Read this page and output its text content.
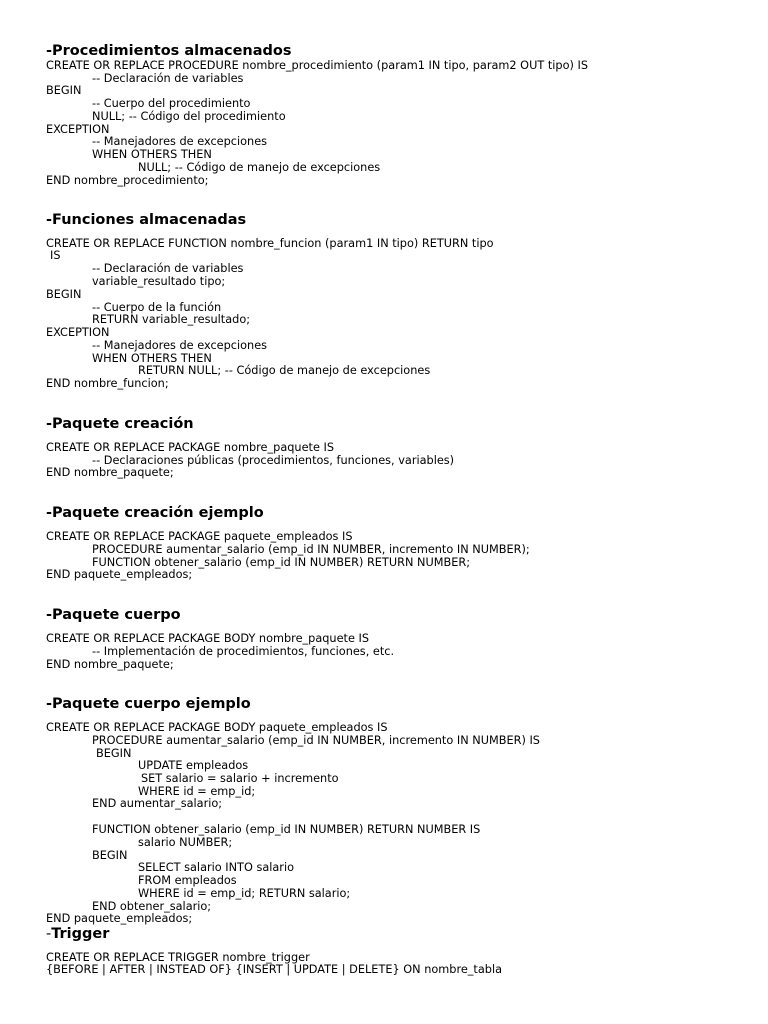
-Procedimientos almacenados
CREATE OR REPLACE PROCEDURE nombre_procedimiento (param1 IN tipo, param2 OUT tipo) IS
-- Declaración de variables
BEGIN
-- Cuerpo del procedimiento
NULL; -- Código del procedimiento
EXCEPTION
-- Manejadores de excepciones
WHEN OTHERS THEN
NULL; -- Código de manejo de excepciones
END nombre_procedimiento;
-Funciones almacenadas
CREATE OR REPLACE FUNCTION nombre_funcion (param1 IN tipo) RETURN tipo
IS
-- Declaración de variables
variable_resultado tipo;
BEGIN
-- Cuerpo de la función
RETURN variable_resultado;
EXCEPTION
-- Manejadores de excepciones
WHEN OTHERS THEN
RETURN NULL; -- Código de manejo de excepciones
END nombre_funcion;
-Paquete creación
CREATE OR REPLACE PACKAGE nombre_paquete IS
-- Declaraciones públicas (procedimientos, funciones, variables)
END nombre_paquete;
-Paquete creación ejemplo
CREATE OR REPLACE PACKAGE paquete_empleados IS
PROCEDURE aumentar_salario (emp_id IN NUMBER, incremento IN NUMBER);
FUNCTION obtener_salario (emp_id IN NUMBER) RETURN NUMBER;
END paquete_empleados;
-Paquete cuerpo
CREATE OR REPLACE PACKAGE BODY nombre_paquete IS
-- Implementación de procedimientos, funciones, etc.
END nombre_paquete;
-Paquete cuerpo ejemplo
CREATE OR REPLACE PACKAGE BODY paquete_empleados IS
PROCEDURE aumentar_salario (emp_id IN NUMBER, incremento IN NUMBER) IS
BEGIN
UPDATE empleados
SET salario = salario + incremento
WHERE id = emp_id;
END aumentar_salario;
FUNCTION obtener_salario (emp_id IN NUMBER) RETURN NUMBER IS
salario NUMBER;
BEGIN
SELECT salario INTO salario
FROM empleados
WHERE id = emp_id; RETURN salario;
END obtener_salario;
END paquete_empleados;
-Trigger
CREATE OR REPLACE TRIGGER nombre_trigger
{BEFORE | AFTER | INSTEAD OF} {INSERT | UPDATE | DELETE} ON nombre_tabla
